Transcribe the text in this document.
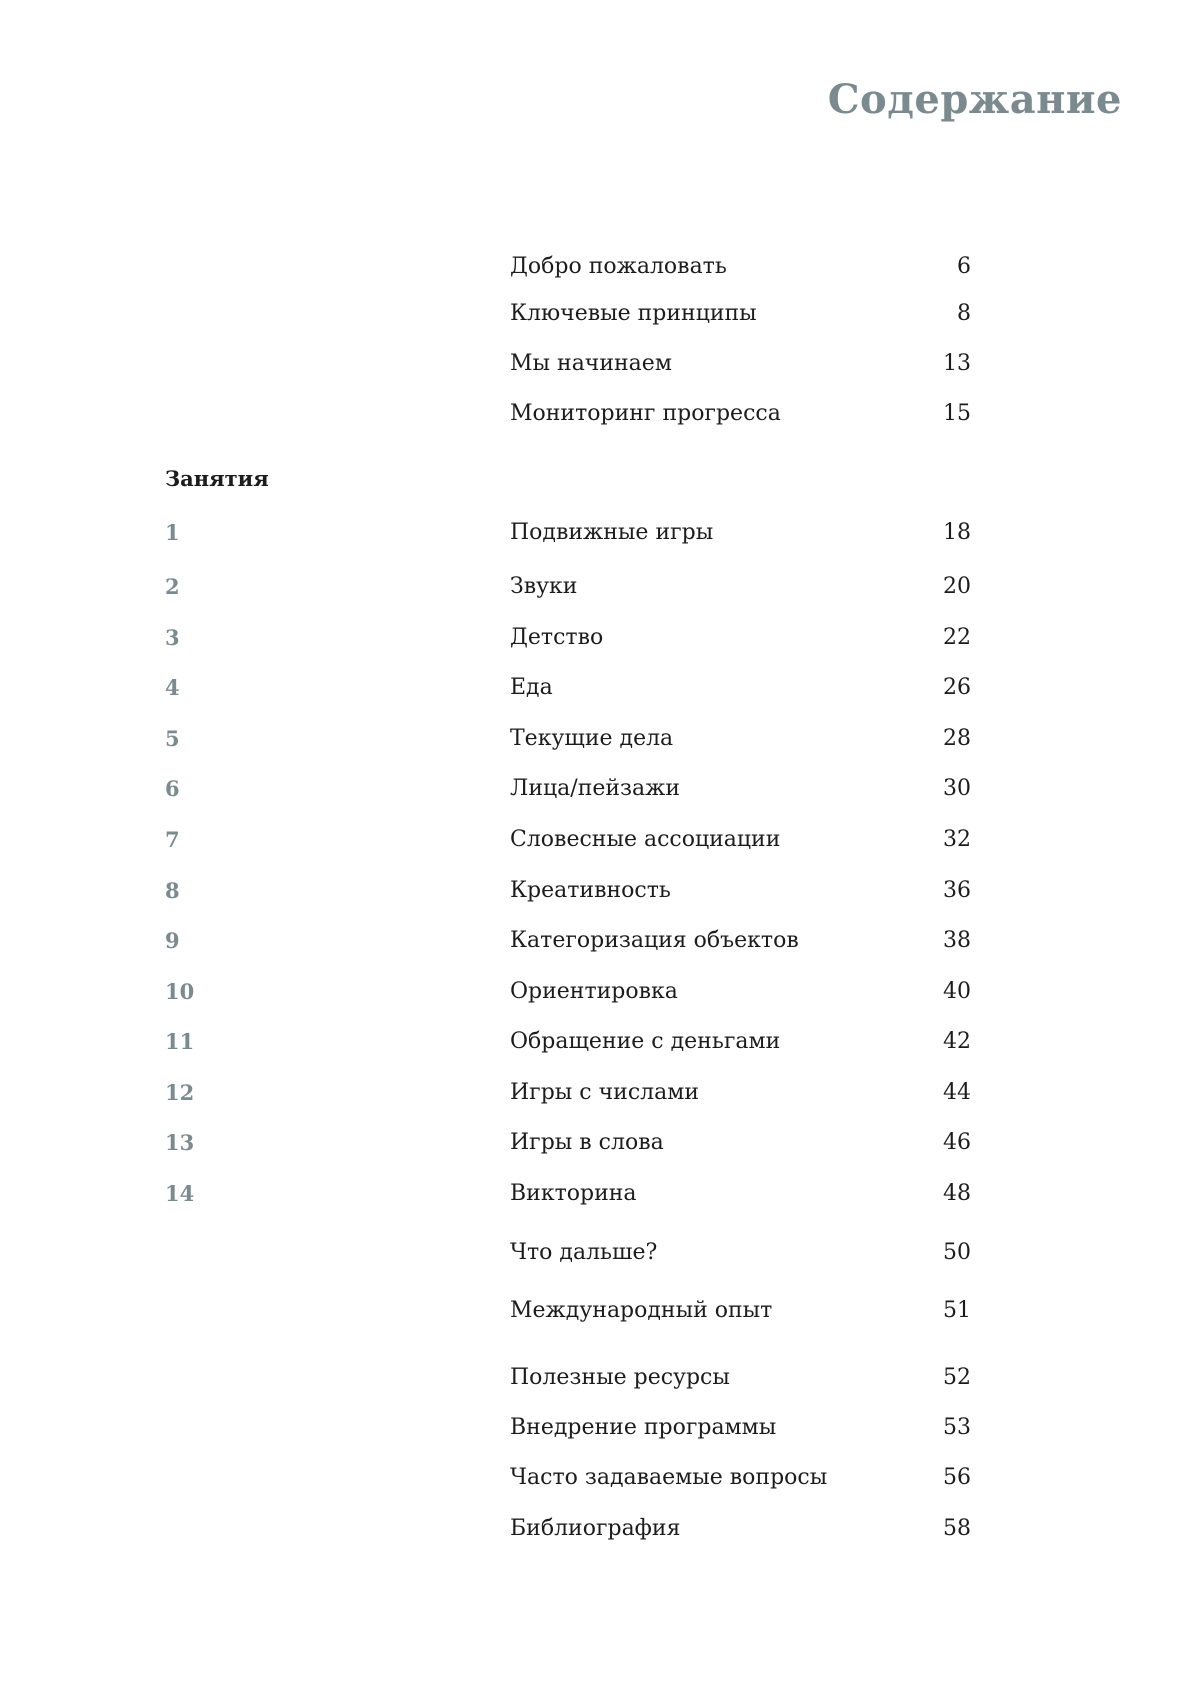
Содержание
Добро пожаловать	6
Ключевые принципы	8
Мы начинаем	13
Мониторинг прогресса	15
Занятия
1	Подвижные игры	18
2	Звуки	20
3	Детство	22
4	Еда	26
5	Текущие дела	28
6	Лица/пейзажи	30
7	Словесные ассоциации	32
8	Креативность	36
9	Категоризация объектов	38
10	Ориентировка	40
11	Обращение с деньгами	42
12	Игры с числами	44
13	Игры в слова	46
14	Викторина	48
Что дальше?	50
Международный опыт	51
Полезные ресурсы	52
Внедрение программы	53
Часто задаваемые вопросы	56
Библиография	58
